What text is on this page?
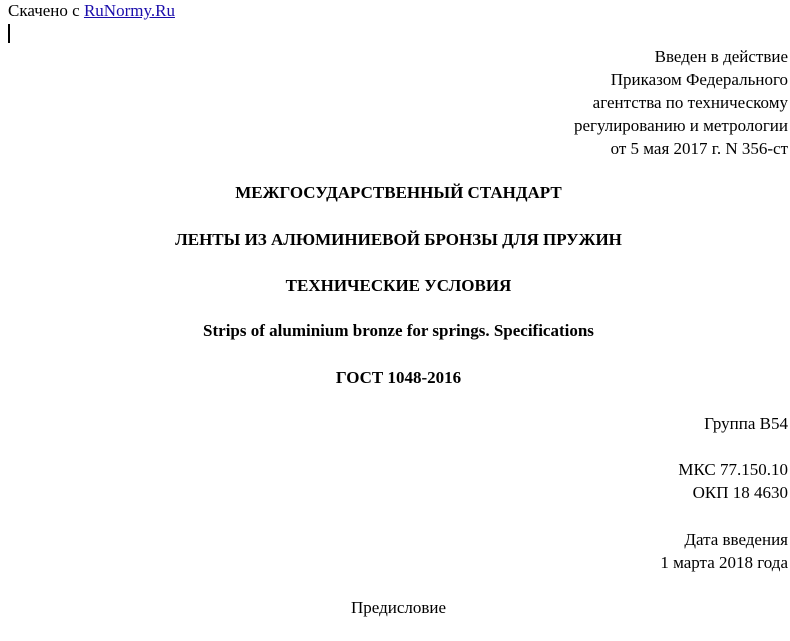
Скачено с RuNormy.Ru
Введен в действие
Приказом Федерального
агентства по техническому
регулированию и метрологии
от 5 мая 2017 г. N 356-ст
МЕЖГОСУДАРСТВЕННЫЙ СТАНДАРТ
ЛЕНТЫ ИЗ АЛЮМИНИЕВОЙ БРОНЗЫ ДЛЯ ПРУЖИН
ТЕХНИЧЕСКИЕ УСЛОВИЯ
Strips of aluminium bronze for springs. Specifications
ГОСТ 1048-2016
Группа В54
МКС 77.150.10
ОКП 18 4630
Дата введения
1 марта 2018 года
Предисловие
